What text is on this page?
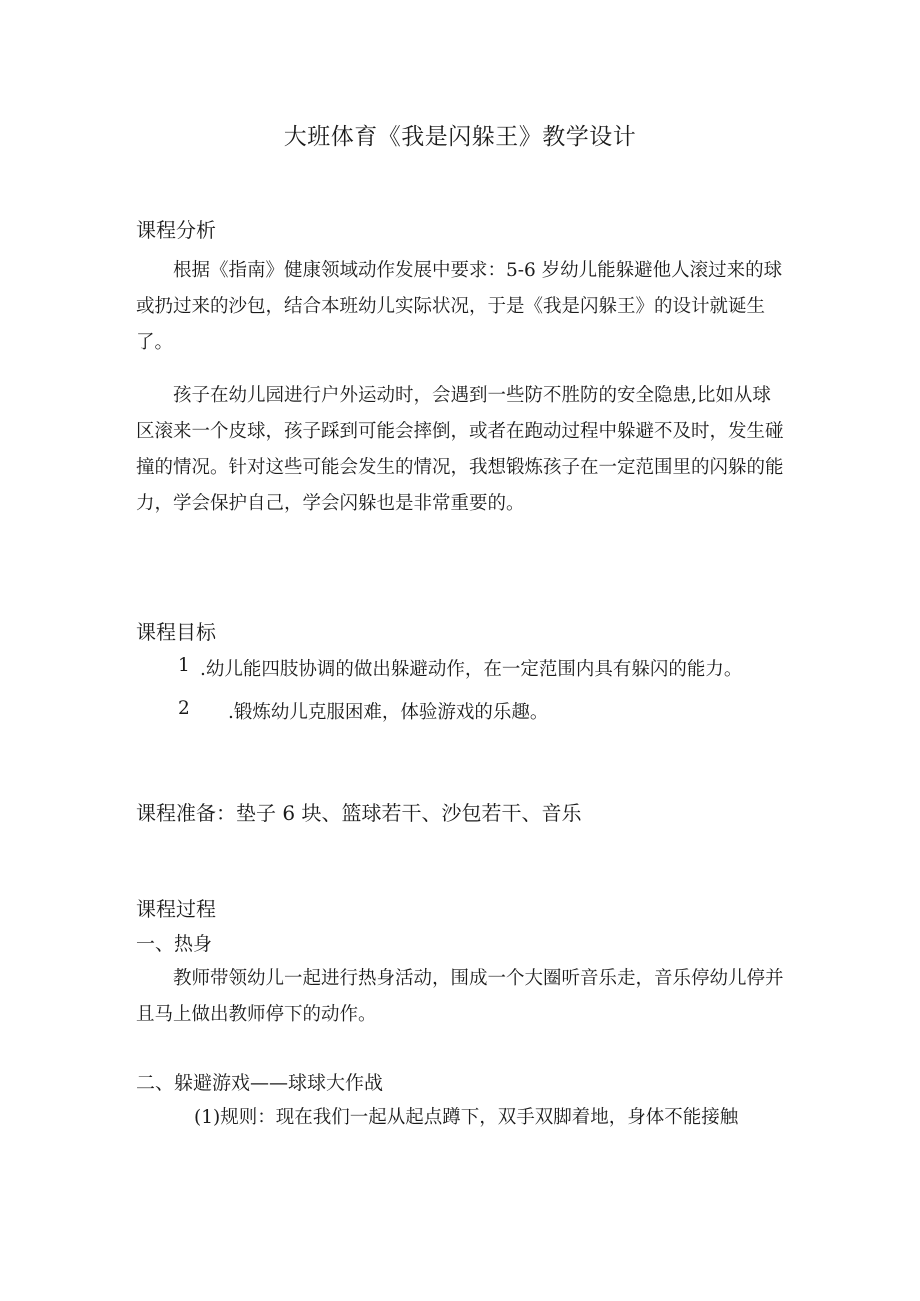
大班体育《我是闪躲王》教学设计
课程分析

根据《指南》健康领域动作发展中要求：5-6 岁幼儿能躲避他人滚过来的球或扔过来的沙包，结合本班幼儿实际状况，于是《我是闪躲王》的设计就诞生了。

孩子在幼儿园进行户外运动时，会遇到一些防不胜防的安全隐患,比如从球区滚来一个皮球，孩子踩到可能会摔倒，或者在跑动过程中躲避不及时，发生碰撞的情况。针对这些可能会发生的情况，我想锻炼孩子在一定范围里的闪躲的能力，学会保护自己，学会闪躲也是非常重要的。

课程目标
1 .幼儿能四肢协调的做出躲避动作，在一定范围内具有躲闪的能力。
2 .锻炼幼儿克服困难，体验游戏的乐趣。
课程准备：垫子 6 块、篮球若干、沙包若干、音乐
课程过程
一、热身

教师带领幼儿一起进行热身活动，围成一个大圈听音乐走，音乐停幼儿停并且马上做出教师停下的动作。

二、躲避游戏——球球大作战
(1)规则：现在我们一起从起点蹲下，双手双脚着地，身体不能接触
